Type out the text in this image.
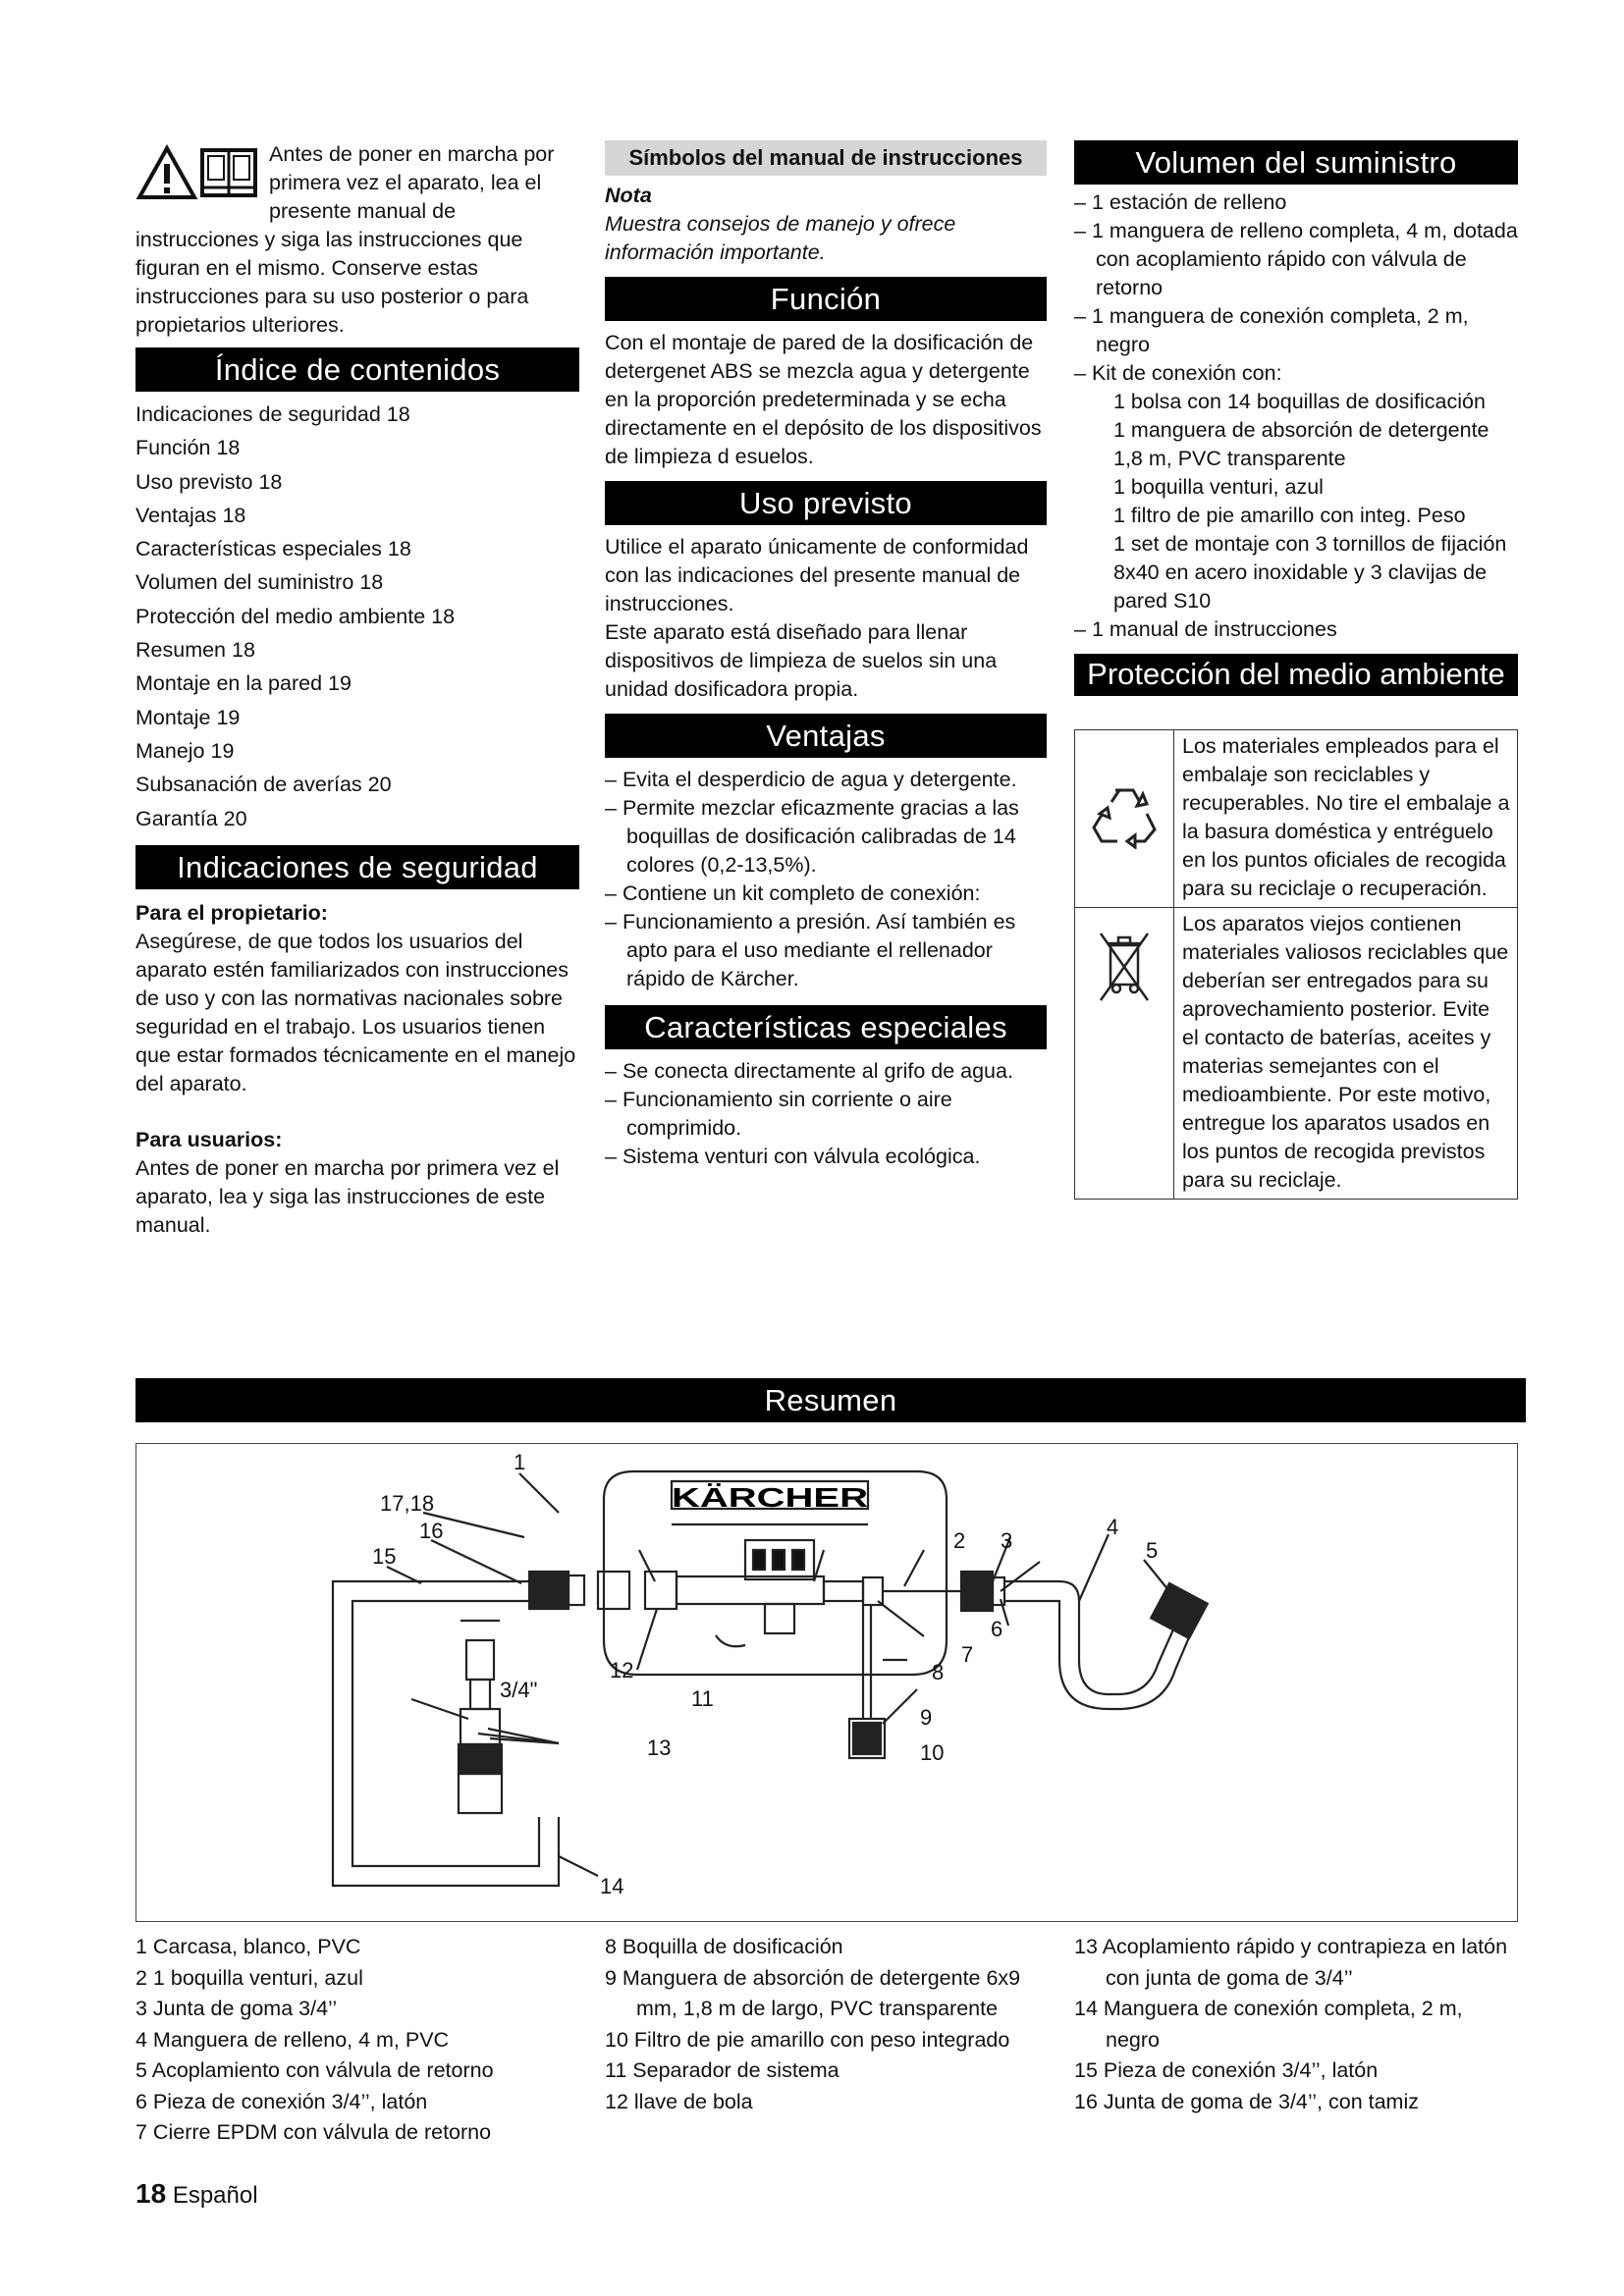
Antes de poner en marcha por primera vez el aparato, lea el presente manual de instrucciones y siga las instrucciones que figuran en el mismo. Conserve estas instrucciones para su uso posterior o para propietarios ulteriores.

Índice de contenidos
Indicaciones de seguridad 18
Función 18
Uso previsto 18
Ventajas 18
Características especiales 18
Volumen del suministro 18
Protección del medio ambiente 18
Resumen 18
Montaje en la pared 19
Montaje 19
Manejo 19
Subsanación de averías 20
Garantía 20
Indicaciones de seguridad

Para el propietario:

Asegúrese, de que todos los usuarios del aparato estén familiarizados con instrucciones de uso y con las normativas nacionales sobre seguridad en el trabajo. Los usuarios tienen que estar formados técnicamente en el manejo del aparato.

Para usuarios:

Antes de poner en marcha por primera vez el aparato, lea y siga las instrucciones de este manual.

Símbolos del manual de instrucciones

Nota

Muestra consejos de manejo y ofrece información importante.

Función

Con el montaje de pared de la dosificación de detergenet ABS se mezcla agua y detergente en la proporción predeterminada y se echa directamente en el depósito de los dispositivos de limpieza d esuelos.

Uso previsto

Utilice el aparato únicamente de conformidad con las indicaciones del presente manual de instrucciones.

Este aparato está diseñado para llenar dispositivos de limpieza de suelos sin una unidad dosificadora propia.

Ventajas
– Evita el desperdicio de agua y detergente.
– Permite mezclar eficazmente gracias a las boquillas de dosificación calibradas de 14 colores (0,2-13,5%).
– Contiene un kit completo de conexión:
– Funcionamiento a presión. Así también es apto para el uso mediante el rellenador rápido de Kärcher.
Características especiales
– Se conecta directamente al grifo de agua.
– Funcionamiento sin corriente o aire comprimido.
– Sistema venturi con válvula ecológica.
Volumen del suministro
– 1 estación de relleno
– 1 manguera de relleno completa, 4 m, dotada con acoplamiento rápido con válvula de retorno
– 1 manguera de conexión completa, 2 m, negro
– Kit de conexión con:
1 bolsa con 14 boquillas de dosificación
1 manguera de absorción de detergente 1,8 m, PVC transparente
1 boquilla venturi, azul
1 filtro de pie amarillo con integ. Peso
1 set de montaje con 3 tornillos de fijación 8x40 en acero inoxidable y 3 clavijas de pared S10
– 1 manual de instrucciones
Protección del medio ambiente
	Los materiales empleados para el embalaje son reciclables y recuperables. No tire el embalaje a la basura doméstica y entréguelo en los puntos oficiales de recogida para su reciclaje o recuperación.
	Los aparatos viejos contienen materiales valiosos reciclables que deberían ser entregados para su aprovechamiento posterior. Evite el contacto de baterías, aceites y materias semejantes con el medioambiente. Por este motivo, entregue los aparatos usados en los puntos de recogida previstos para su reciclaje.
Resumen
KÄRCHER
1
17,18
16
15
2 3
4
5
6
7
8
9
10
11
12
13
14
3/4"
1 Carcasa, blanco, PVC
2 1 boquilla venturi, azul
3 Junta de goma 3/4’’
4 Manguera de relleno, 4 m, PVC
5 Acoplamiento con válvula de retorno
6 Pieza de conexión 3/4’’, latón
7 Cierre EPDM con válvula de retorno
8 Boquilla de dosificación
9 Manguera de absorción de detergente 6x9 mm, 1,8 m de largo, PVC transparente
10 Filtro de pie amarillo con peso integrado
11 Separador de sistema
12 llave de bola
13 Acoplamiento rápido y contrapieza en latón con junta de goma de 3/4’’
14 Manguera de conexión completa, 2 m, negro
15 Pieza de conexión 3/4’’, latón
16 Junta de goma de 3/4’’, con tamiz
18 Español
